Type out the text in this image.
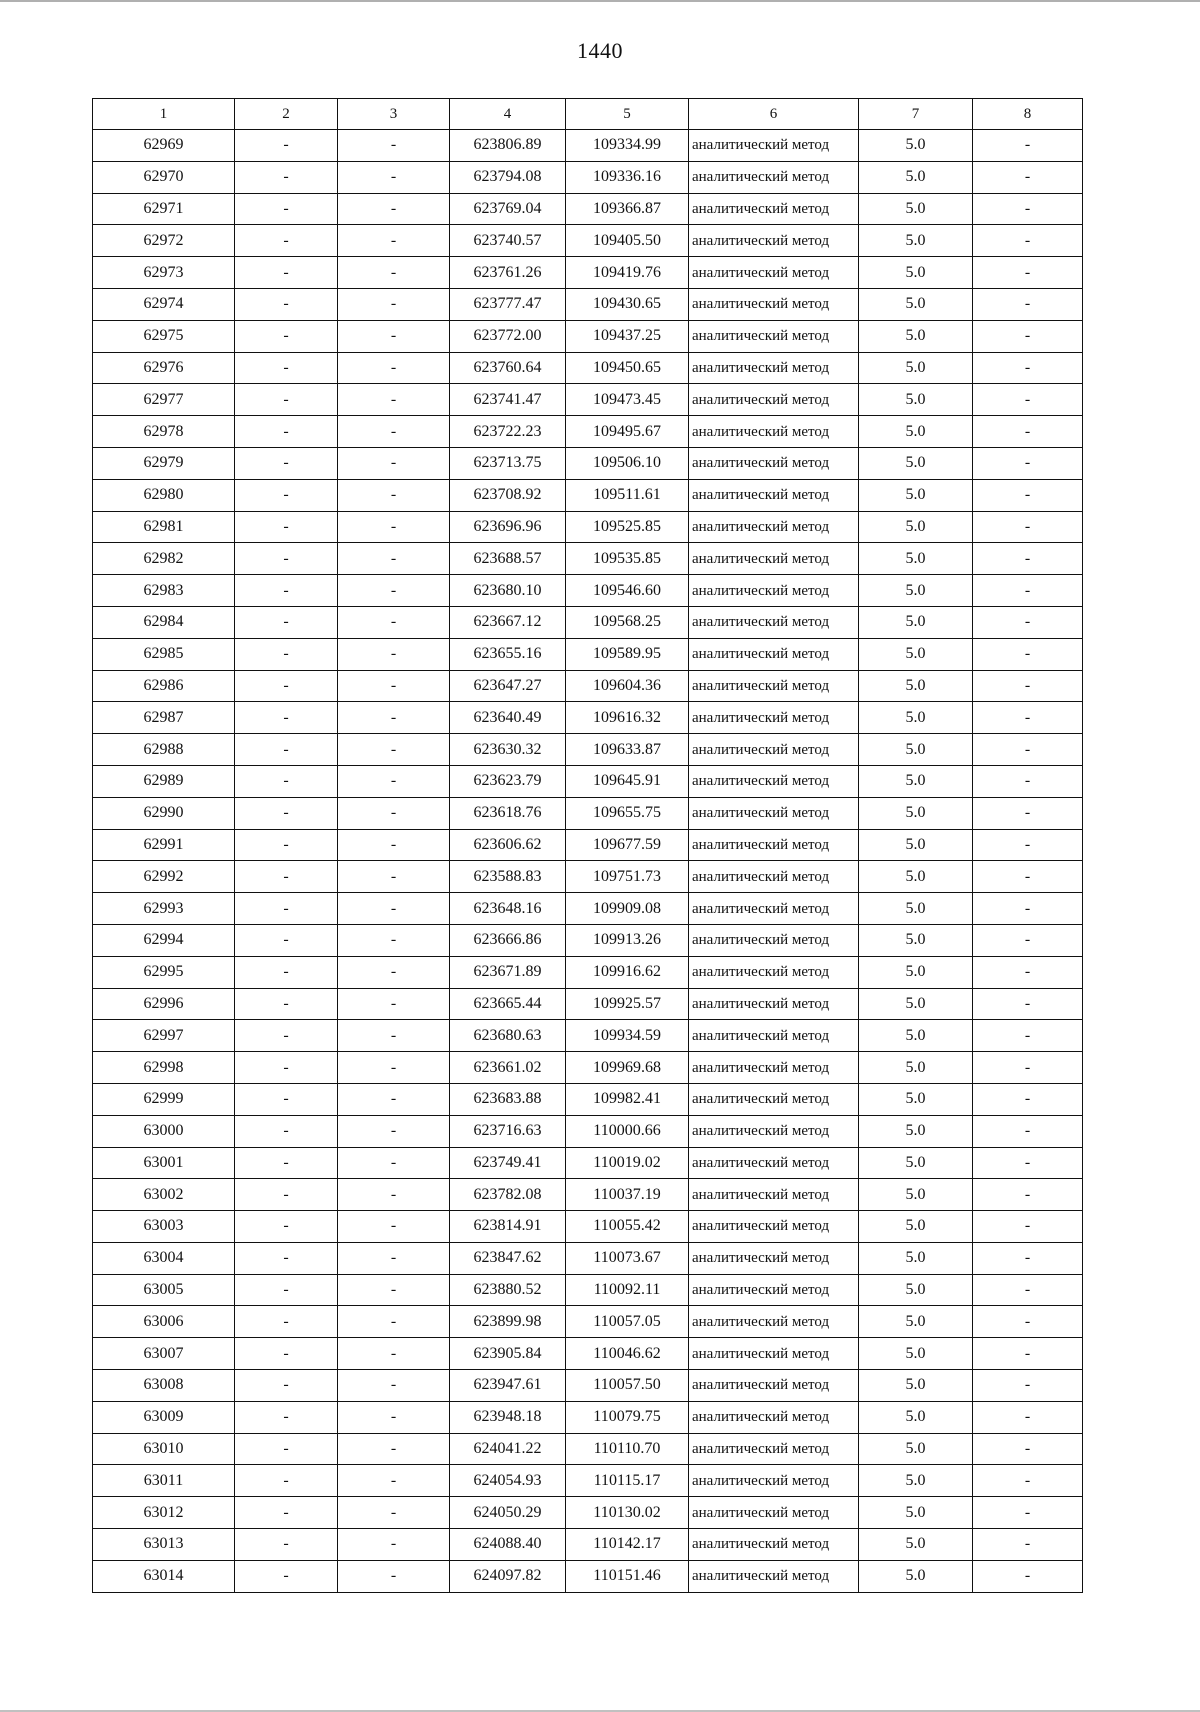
1440
1	2	3	4	5	6	7	8
62969	-	-	623806.89	109334.99	аналитический метод	5.0	-
62970	-	-	623794.08	109336.16	аналитический метод	5.0	-
62971	-	-	623769.04	109366.87	аналитический метод	5.0	-
62972	-	-	623740.57	109405.50	аналитический метод	5.0	-
62973	-	-	623761.26	109419.76	аналитический метод	5.0	-
62974	-	-	623777.47	109430.65	аналитический метод	5.0	-
62975	-	-	623772.00	109437.25	аналитический метод	5.0	-
62976	-	-	623760.64	109450.65	аналитический метод	5.0	-
62977	-	-	623741.47	109473.45	аналитический метод	5.0	-
62978	-	-	623722.23	109495.67	аналитический метод	5.0	-
62979	-	-	623713.75	109506.10	аналитический метод	5.0	-
62980	-	-	623708.92	109511.61	аналитический метод	5.0	-
62981	-	-	623696.96	109525.85	аналитический метод	5.0	-
62982	-	-	623688.57	109535.85	аналитический метод	5.0	-
62983	-	-	623680.10	109546.60	аналитический метод	5.0	-
62984	-	-	623667.12	109568.25	аналитический метод	5.0	-
62985	-	-	623655.16	109589.95	аналитический метод	5.0	-
62986	-	-	623647.27	109604.36	аналитический метод	5.0	-
62987	-	-	623640.49	109616.32	аналитический метод	5.0	-
62988	-	-	623630.32	109633.87	аналитический метод	5.0	-
62989	-	-	623623.79	109645.91	аналитический метод	5.0	-
62990	-	-	623618.76	109655.75	аналитический метод	5.0	-
62991	-	-	623606.62	109677.59	аналитический метод	5.0	-
62992	-	-	623588.83	109751.73	аналитический метод	5.0	-
62993	-	-	623648.16	109909.08	аналитический метод	5.0	-
62994	-	-	623666.86	109913.26	аналитический метод	5.0	-
62995	-	-	623671.89	109916.62	аналитический метод	5.0	-
62996	-	-	623665.44	109925.57	аналитический метод	5.0	-
62997	-	-	623680.63	109934.59	аналитический метод	5.0	-
62998	-	-	623661.02	109969.68	аналитический метод	5.0	-
62999	-	-	623683.88	109982.41	аналитический метод	5.0	-
63000	-	-	623716.63	110000.66	аналитический метод	5.0	-
63001	-	-	623749.41	110019.02	аналитический метод	5.0	-
63002	-	-	623782.08	110037.19	аналитический метод	5.0	-
63003	-	-	623814.91	110055.42	аналитический метод	5.0	-
63004	-	-	623847.62	110073.67	аналитический метод	5.0	-
63005	-	-	623880.52	110092.11	аналитический метод	5.0	-
63006	-	-	623899.98	110057.05	аналитический метод	5.0	-
63007	-	-	623905.84	110046.62	аналитический метод	5.0	-
63008	-	-	623947.61	110057.50	аналитический метод	5.0	-
63009	-	-	623948.18	110079.75	аналитический метод	5.0	-
63010	-	-	624041.22	110110.70	аналитический метод	5.0	-
63011	-	-	624054.93	110115.17	аналитический метод	5.0	-
63012	-	-	624050.29	110130.02	аналитический метод	5.0	-
63013	-	-	624088.40	110142.17	аналитический метод	5.0	-
63014	-	-	624097.82	110151.46	аналитический метод	5.0	-
